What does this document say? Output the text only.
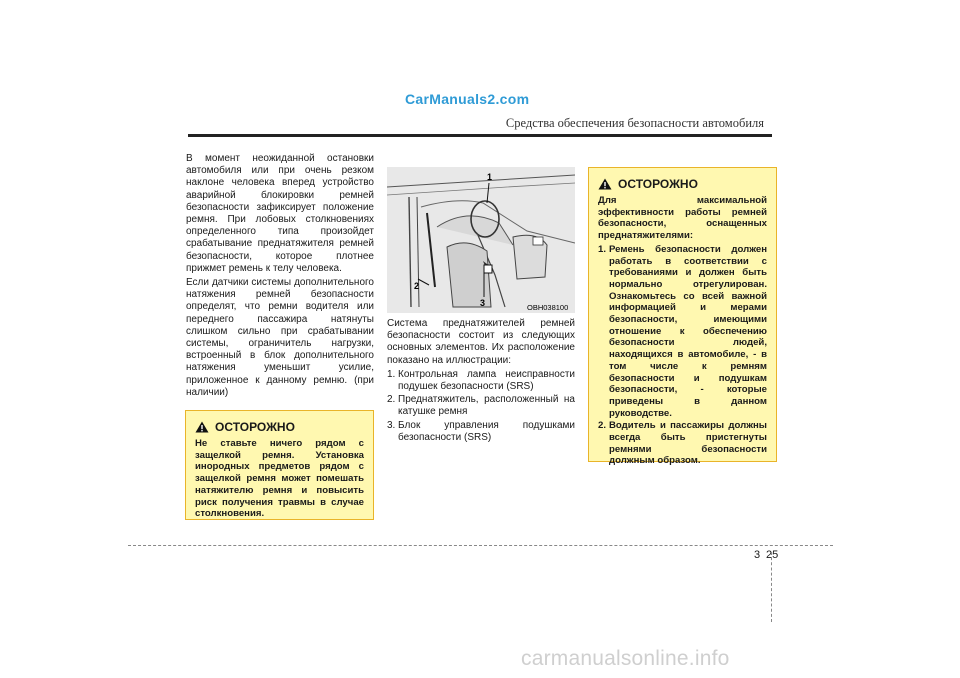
CarManuals2.com
Средства обеспечения безопасности автомобиля

В момент неожиданной остановки автомобиля или при очень резком наклоне человека вперед устройство аварийной блокировки ремней безопасности зафиксирует положение ремня. При лобовых столкновениях определенного типа произойдет срабатывание преднатяжителя ремней безопасности, которое плотнее прижмет ремень к телу человека.

Если датчики системы дополнительного натяжения ремней безопасности определят, что ремни водителя или переднего пассажира натянуты слишком сильно при срабатывании системы, ограничитель нагрузки, встроенный в блок дополнительного натяжения уменьшит усилие, приложенное к данному ремню. (при наличии)

ОСТОРОЖНО
Не ставьте ничего рядом с защелкой ремня. Установка инородных предметов рядом с защелкой ремня может помешать натяжителю ремня и повысить риск получения травмы в случае столкновения.
1
2
3	OBH038100

Система преднатяжителей ремней безопасности состоит из следующих основных элементов. Их расположение показано на иллюстрации:

1. Контрольная лампа неисправности подушек безопасности (SRS)
2. Преднатяжитель, расположенный на катушке ремня
3. Блок управления подушками безопасности (SRS)
ОСТОРОЖНО
Для максимальной эффективности работы ремней безопасности, оснащенных преднатяжителями:
1. Ремень безопасности должен работать в соответствии с требованиями и должен быть нормально отрегулирован. Ознакомьтесь со всей важной информацией и мерами безопасности, имеющими отношение к обеспечению безопасности людей, находящихся в автомобиле, - в том числе к ремням безопасности и подушкам безопасности, - которые приведены в данном руководстве.
2. Водитель и пассажиры должны всегда быть пристегнуты ремнями безопасности должным образом.
3 25
carmanualsonline.info
